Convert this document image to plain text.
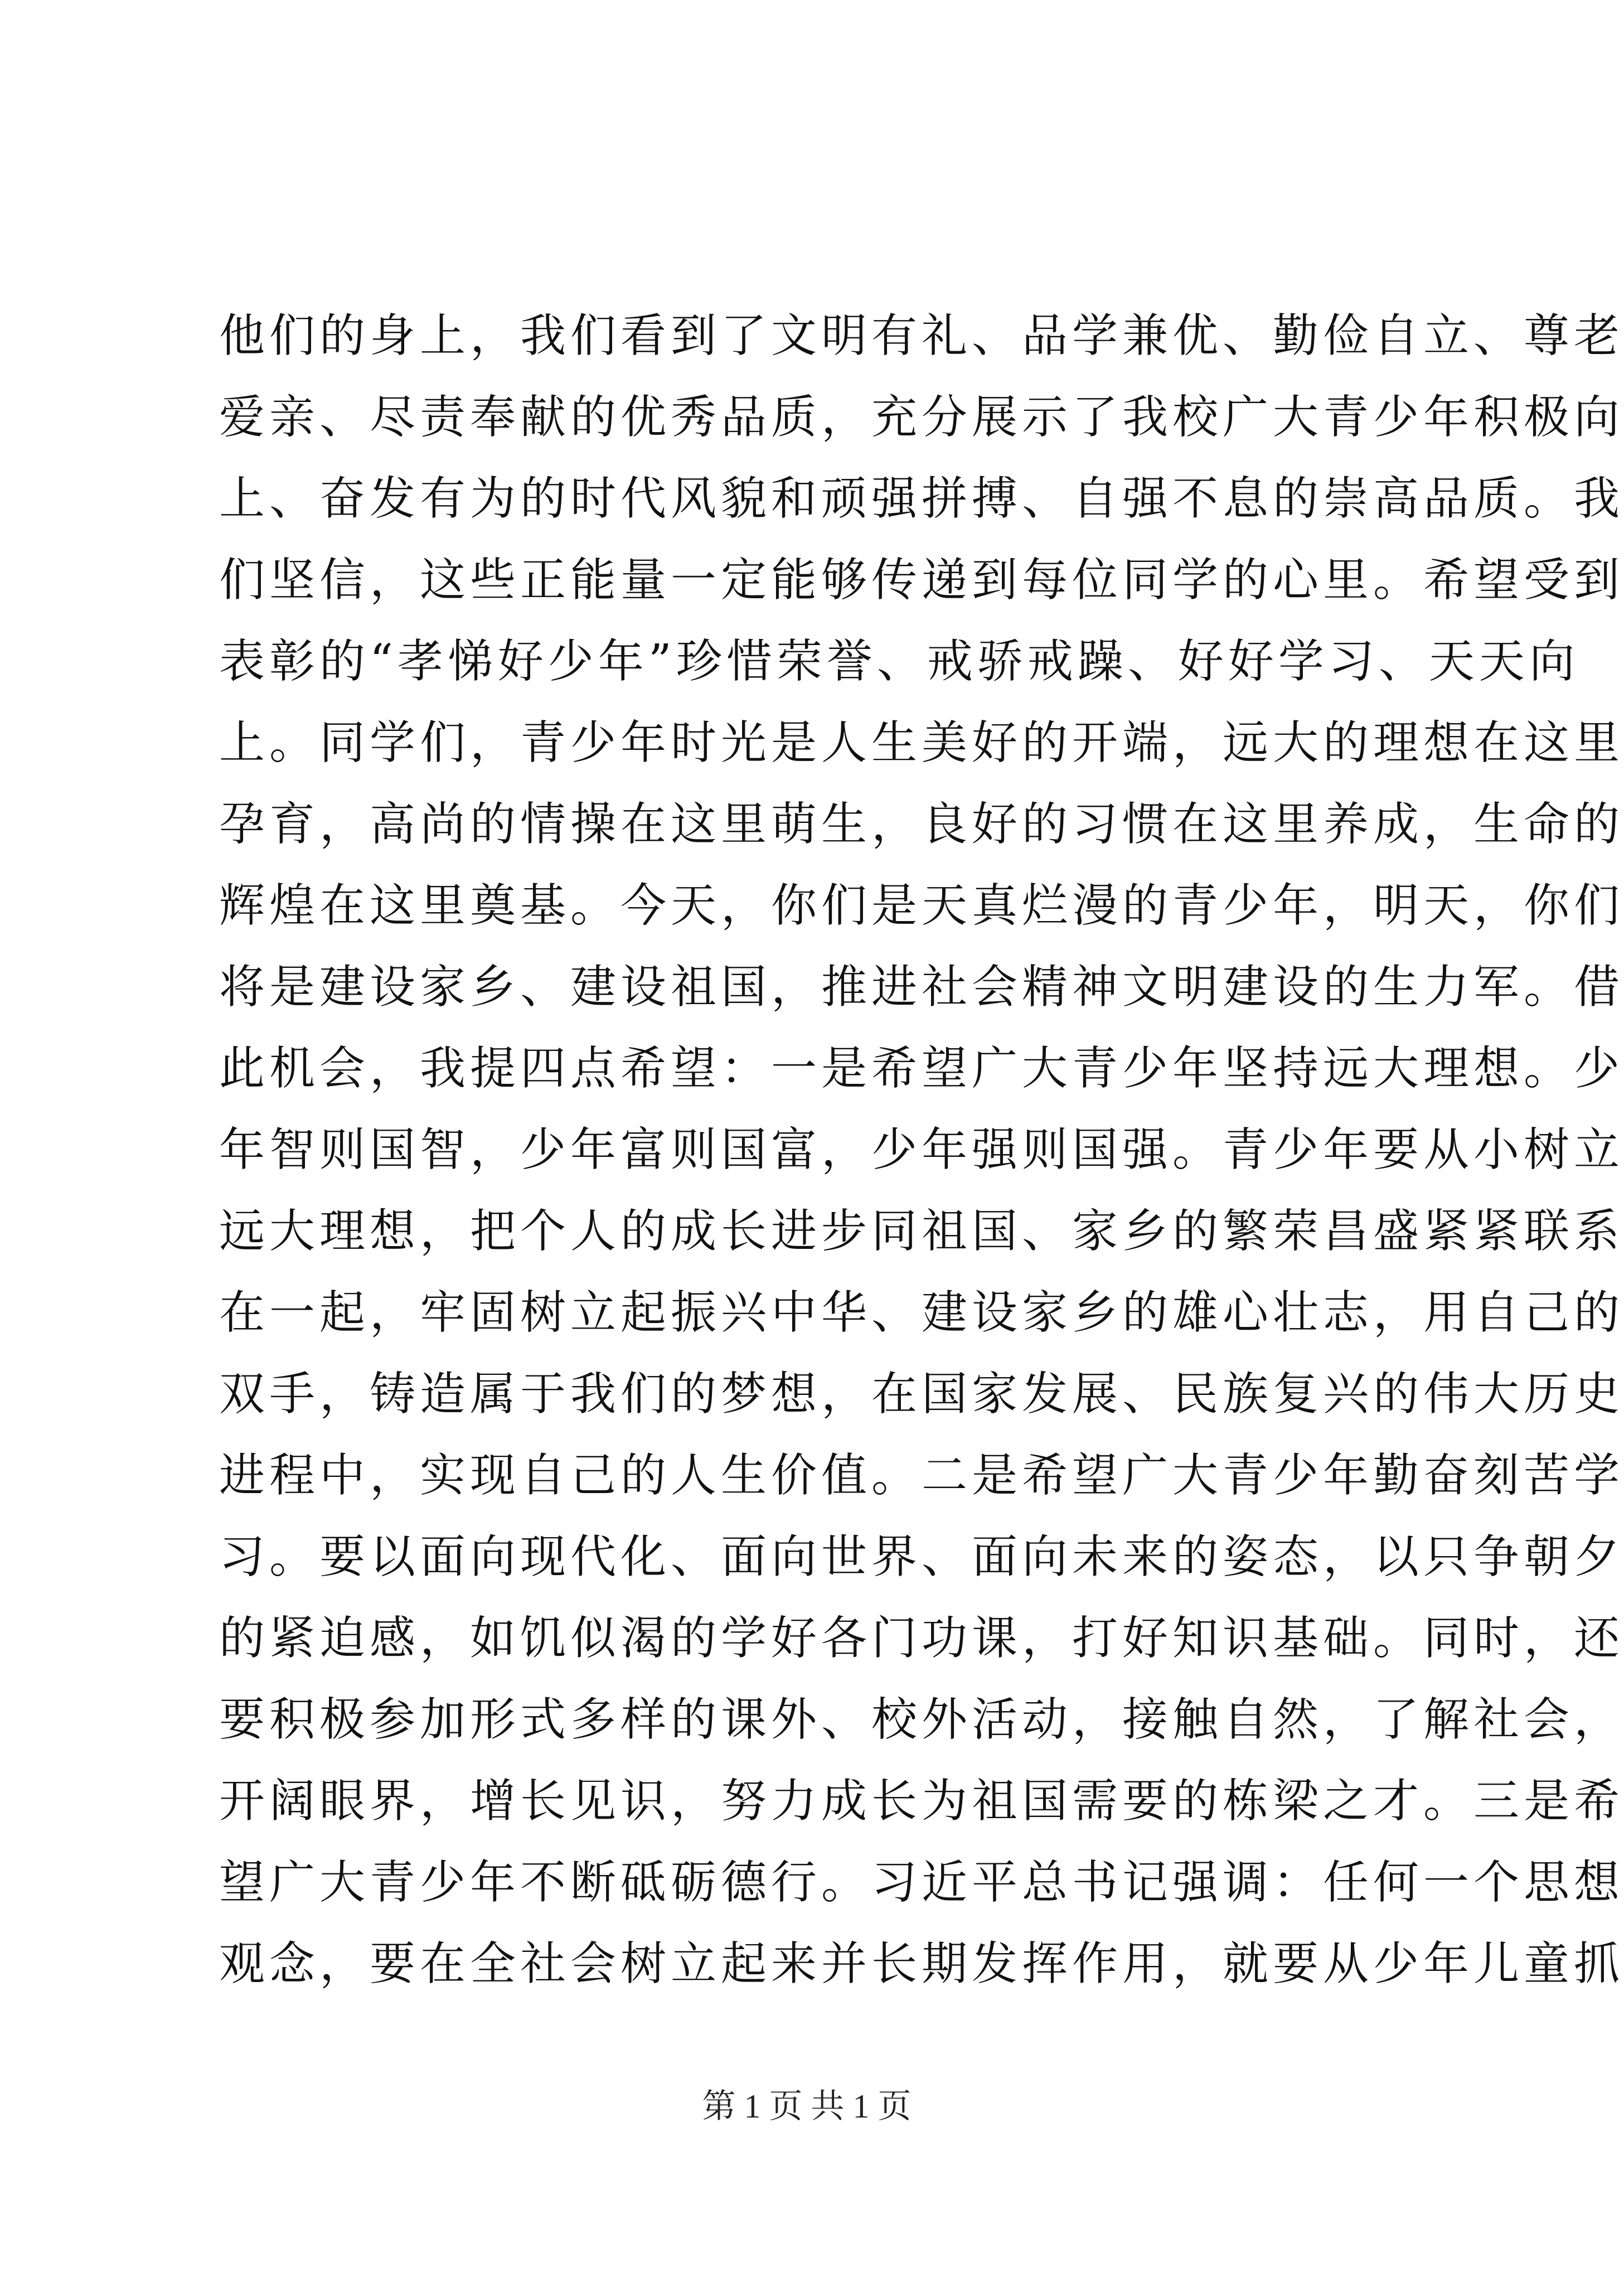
他们的身上，我们看到了文明有礼、品学兼优、勤俭自立、尊老
爱亲、尽责奉献的优秀品质，充分展示了我校广大青少年积极向
上、奋发有为的时代风貌和顽强拼搏、自强不息的崇高品质。我
们坚信，这些正能量一定能够传递到每位同学的心里。希望受到
表彰的“孝悌好少年”珍惜荣誉、戒骄戒躁、好好学习、天天向
上。同学们，青少年时光是人生美好的开端，远大的理想在这里
孕育，高尚的情操在这里萌生，良好的习惯在这里养成，生命的
辉煌在这里奠基。今天，你们是天真烂漫的青少年，明天，你们
将是建设家乡、建设祖国，推进社会精神文明建设的生力军。借
此机会，我提四点希望：一是希望广大青少年坚持远大理想。少
年智则国智，少年富则国富，少年强则国强。青少年要从小树立
远大理想，把个人的成长进步同祖国、家乡的繁荣昌盛紧紧联系
在一起，牢固树立起振兴中华、建设家乡的雄心壮志，用自己的
双手，铸造属于我们的梦想，在国家发展、民族复兴的伟大历史
进程中，实现自己的人生价值。二是希望广大青少年勤奋刻苦学
习。要以面向现代化、面向世界、面向未来的姿态，以只争朝夕
的紧迫感，如饥似渴的学好各门功课，打好知识基础。同时，还
要积极参加形式多样的课外、校外活动，接触自然，了解社会，
开阔眼界，增长见识，努力成长为祖国需要的栋梁之才。三是希
望广大青少年不断砥砺德行。习近平总书记强调：任何一个思想
观念，要在全社会树立起来并长期发挥作用，就要从少年儿童抓
第 1 页 共 1 页
